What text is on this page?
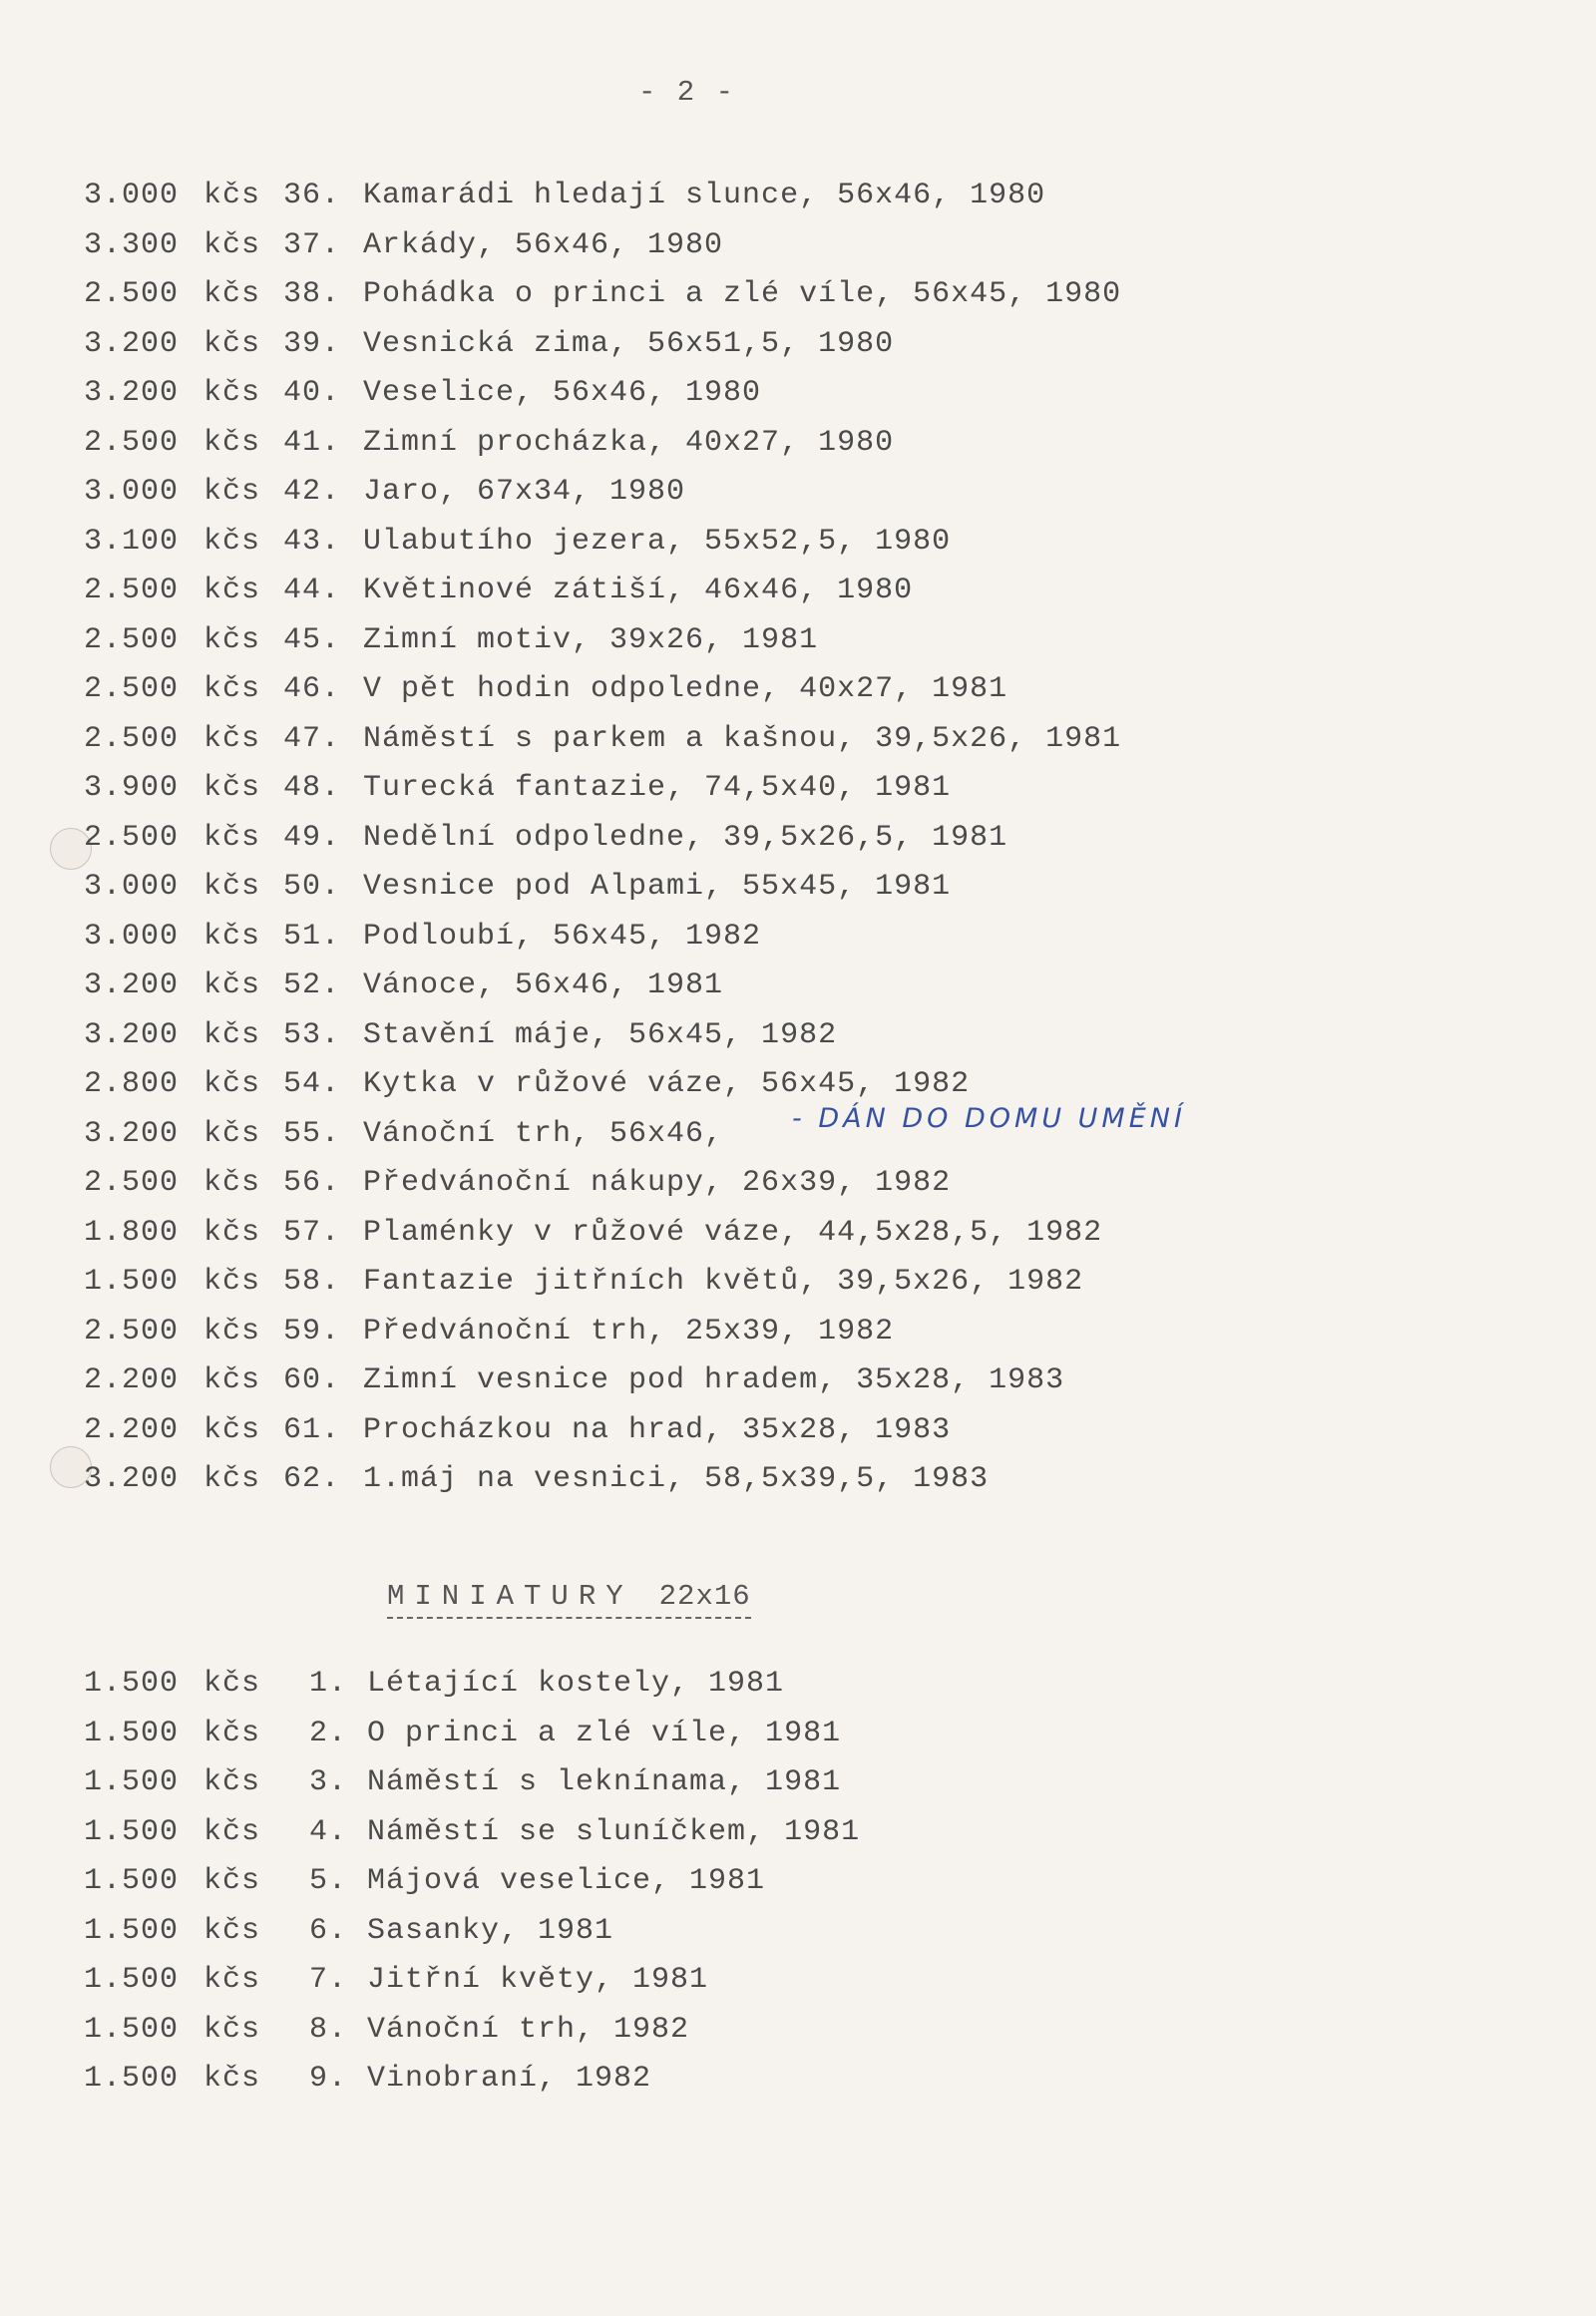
- 2 -
3.000 kčs 36. Kamarádi hledají slunce, 56x46, 1980
3.300 kčs 37. Arkády, 56x46, 1980
2.500 kčs 38. Pohádka o princi a zlé víle, 56x45, 1980
3.200 kčs 39. Vesnická zima, 56x51,5, 1980
3.200 kčs 40. Veselice, 56x46, 1980
2.500 kčs 41. Zimní procházka, 40x27, 1980
3.000 kčs 42. Jaro, 67x34, 1980
3.100 kčs 43. Ulabutího jezera, 55x52,5, 1980
2.500 kčs 44. Květinové zátiší, 46x46, 1980
2.500 kčs 45. Zimní motiv, 39x26, 1981
2.500 kčs 46. V pět hodin odpoledne, 40x27, 1981
2.500 kčs 47. Náměstí s parkem a kašnou, 39,5x26, 1981
3.900 kčs 48. Turecká fantazie, 74,5x40, 1981
2.500 kčs 49. Nedělní odpoledne, 39,5x26,5, 1981
3.000 kčs 50. Vesnice pod Alpami, 55x45, 1981
3.000 kčs 51. Podloubí, 56x45, 1982
3.200 kčs 52. Vánoce, 56x46, 1981
3.200 kčs 53. Stavění máje, 56x45, 1982
2.800 kčs 54. Kytka v růžové váze, 56x45, 1982
3.200 kčs 55. Vánoční trh, 56x46,
2.500 kčs 56. Předvánoční nákupy, 26x39, 1982
1.800 kčs 57. Plaménky v růžové váze, 44,5x28,5, 1982
1.500 kčs 58. Fantazie jitřních květů, 39,5x26, 1982
2.500 kčs 59. Předvánoční trh, 25x39, 1982
2.200 kčs 60. Zimní vesnice pod hradem, 35x28, 1983
2.200 kčs 61. Procházkou na hrad, 35x28, 1983
3.200 kčs 62. 1.máj na vesnici, 58,5x39,5, 1983
- DÁN DO DOMU UMĚNÍ
MINIATURY 22x16
1.500 kčs 1. Létající kostely, 1981
1.500 kčs 2. O princi a zlé víle, 1981
1.500 kčs 3. Náměstí s leknínama, 1981
1.500 kčs 4. Náměstí se sluníčkem, 1981
1.500 kčs 5. Májová veselice, 1981
1.500 kčs 6. Sasanky, 1981
1.500 kčs 7. Jitřní květy, 1981
1.500 kčs 8. Vánoční trh, 1982
1.500 kčs 9. Vinobraní, 1982
